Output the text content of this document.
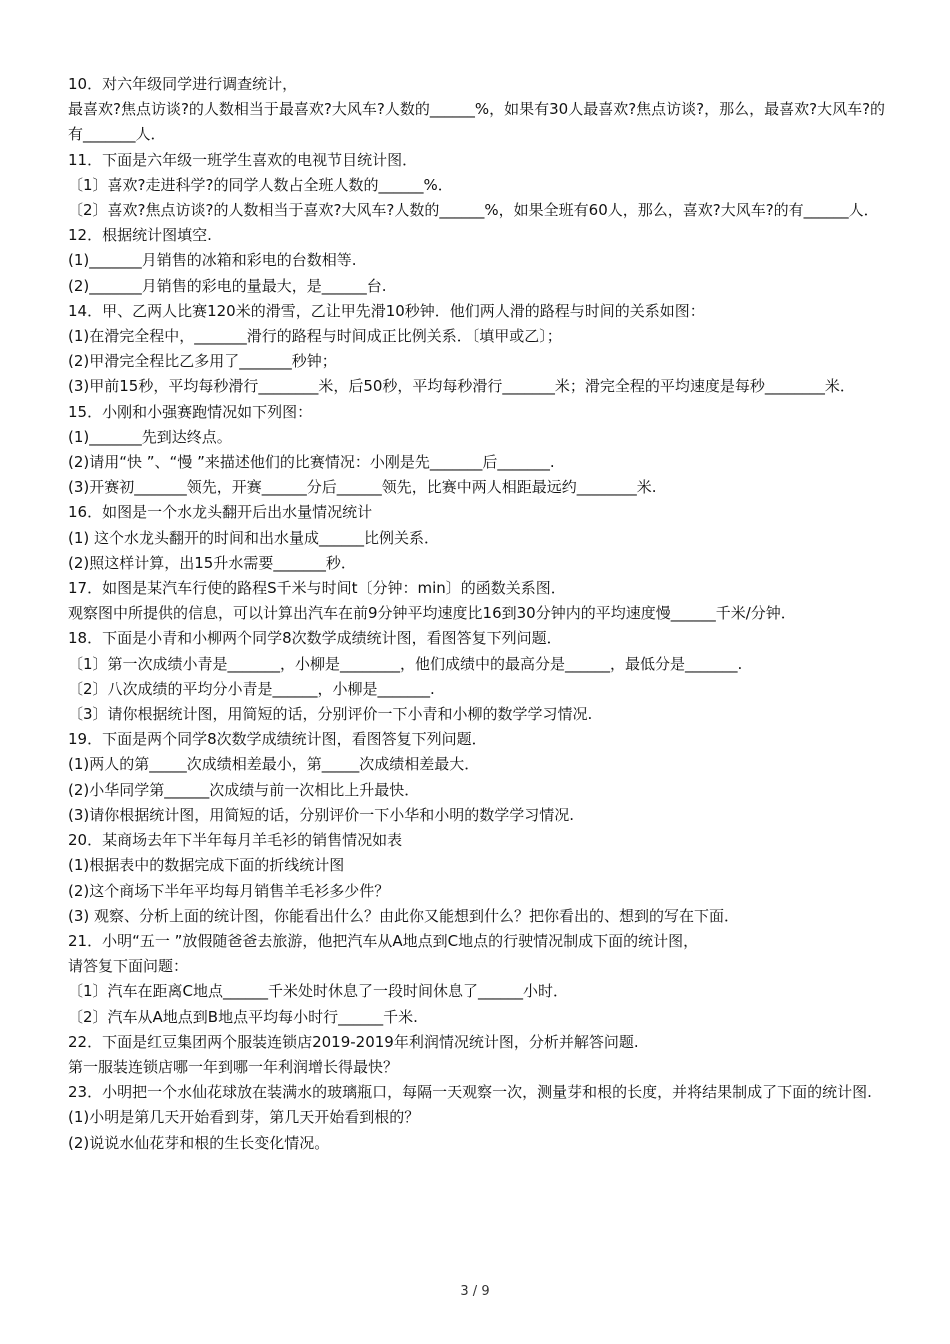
10．对六年级同学进行调查统计，
最喜欢?焦点访谈?的人数相当于最喜欢?大风车?人数的______%，如果有30人最喜欢?焦点访谈?，那么，最喜欢?大风车?的有_______人．
11．下面是六年级一班学生喜欢的电视节目统计图．
〔1〕喜欢?走进科学?的同学人数占全班人数的______%．
〔2〕喜欢?焦点访谈?的人数相当于喜欢?大风车?人数的______%，如果全班有60人，那么，喜欢?大风车?的有______人．
12．根据统计图填空.
(1)_______月销售的冰箱和彩电的台数相等.
(2)_______月销售的彩电的量最大，是______台.
14．甲、乙两人比赛120米的滑雪，乙让甲先滑10秒钟．他们两人滑的路程与时间的关系如图：
(1)在滑完全程中，_______滑行的路程与时间成正比例关系．〔填甲或乙〕；
(2)甲滑完全程比乙多用了_______秒钟；
(3)甲前15秒，平均每秒滑行________米，后50秒，平均每秒滑行_______米；滑完全程的平均速度是每秒________米．
15．小刚和小强赛跑情况如下列图：
(1)_______先到达终点。
(2)请用“快 ”、“慢 ”来描述他们的比赛情况：小刚是先_______后_______.
(3)开赛初_______领先，开赛______分后______领先，比赛中两人相距最远约________米.
16．如图是一个水龙头翻开后出水量情况统计
(1) 这个水龙头翻开的时间和出水量成______比例关系．
(2)照这样计算，出15升水需要_______秒．
17．如图是某汽车行使的路程S千米与时间t〔分钟：min〕的函数关系图．
观察图中所提供的信息，可以计算出汽车在前9分钟平均速度比16到30分钟内的平均速度慢______千米/分钟．
18．下面是小青和小柳两个同学8次数学成绩统计图，看图答复下列问题．
〔1〕第一次成绩小青是_______，小柳是________，他们成绩中的最高分是______，最低分是_______.
〔2〕八次成绩的平均分小青是______，小柳是_______.
〔3〕请你根据统计图，用简短的话，分别评价一下小青和小柳的数学学习情况.
19．下面是两个同学8次数学成绩统计图，看图答复下列问题．
(1)两人的第_____次成绩相差最小，第_____次成绩相差最大．
(2)小华同学第______次成绩与前一次相比上升最快．
(3)请你根据统计图，用简短的话，分别评价一下小华和小明的数学学习情况.
20．某商场去年下半年每月羊毛衫的销售情况如表
(1)根据表中的数据完成下面的折线统计图
(2)这个商场下半年平均每月销售羊毛衫多少件？
(3) 观察、分析上面的统计图，你能看出什么？由此你又能想到什么？把你看出的、想到的写在下面．
21．小明“五一 ”放假随爸爸去旅游，他把汽车从A地点到C地点的行驶情况制成下面的统计图，
请答复下面问题：
〔1〕汽车在距离C地点______千米处时休息了一段时间休息了______小时．
〔2〕汽车从A地点到B地点平均每小时行______千米.
22．下面是红豆集团两个服装连锁店2019-2019年利润情况统计图，分析并解答问题.
第一服装连锁店哪一年到哪一年利润增长得最快？
23．小明把一个水仙花球放在装满水的玻璃瓶口，每隔一天观察一次，测量芽和根的长度，并将结果制成了下面的统计图.
(1)小明是第几天开始看到芽，第几天开始看到根的？
(2)说说水仙花芽和根的生长变化情况。
3 / 9
